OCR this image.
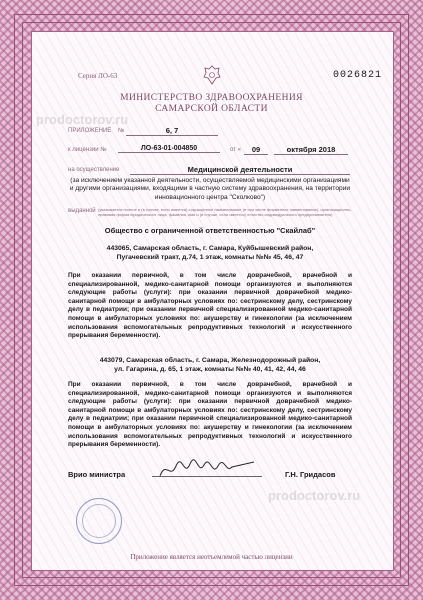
Серия ЛО-63	0026821
МИНИСТЕРСТВО ЗДРАВООХРАНЕНИЯ
САМАРСКОЙ ОБЛАСТИ
ПРИЛОЖЕНИЕ №	6, 7
к лицензии №	ЛО-63-01-004850	от «	09	октября 2018
на осуществление	Медицинской деятельности
(за исключением указанной деятельности, осуществляемой медицинскими организациями и другими организациями, входящими в частную систему здравоохранения, на территории инновационного центра "Сколково")
выданной (указывается полное и (в случае, если имеется) сокращенное наименование (в том числе фирменное наименование), организационно-правовая форма юридического лица, фамилия, имя и (в случае, если имеется) отчество индивидуального предпринимателя)
Общество с ограниченной ответственностью "Скайлаб"
443065, Самарская область, г. Самара, Куйбышевский район,
Пугачевский тракт, д.74, 1 этаж, комнаты №№ 45, 46, 47
При оказании первичной, в том числе доврачебной, врачебной и специализированной, медико-санитарной помощи организуются и выполняются следующие работы (услуги): при оказании первичной доврачебной медико-санитарной помощи в амбулаторных условиях по: сестринскому делу, сестринскому делу в педиатрии; при оказании первичной специализированной медико-санитарной помощи в амбулаторных условиях по: акушерству и гинекологии (за исключением использования вспомогательных репродуктивных технологий и искусственного прерывания беременности).
443079, Самарская область, г. Самара, Железнодорожный район,
ул. Гагарина, д. 65, 1 этаж, комнаты №№ 40, 41, 42, 44, 46
При оказании первичной, в том числе доврачебной, врачебной и специализированной, медико-санитарной помощи организуются и выполняются следующие работы (услуги): при оказании первичной доврачебной медико-санитарной помощи в амбулаторных условиях по: сестринскому делу, сестринскому делу в педиатрии; при оказании первичной специализированной медико-санитарной помощи в амбулаторных условиях по: акушерству и гинекологии (за исключением использования вспомогательных репродуктивных технологий и искусственного прерывания беременности).
Врио министра	Г.Н. Гридасов
Приложение является неотъемлемой частью лицензии
prodoctorov.ru
prodoctorov.ru
